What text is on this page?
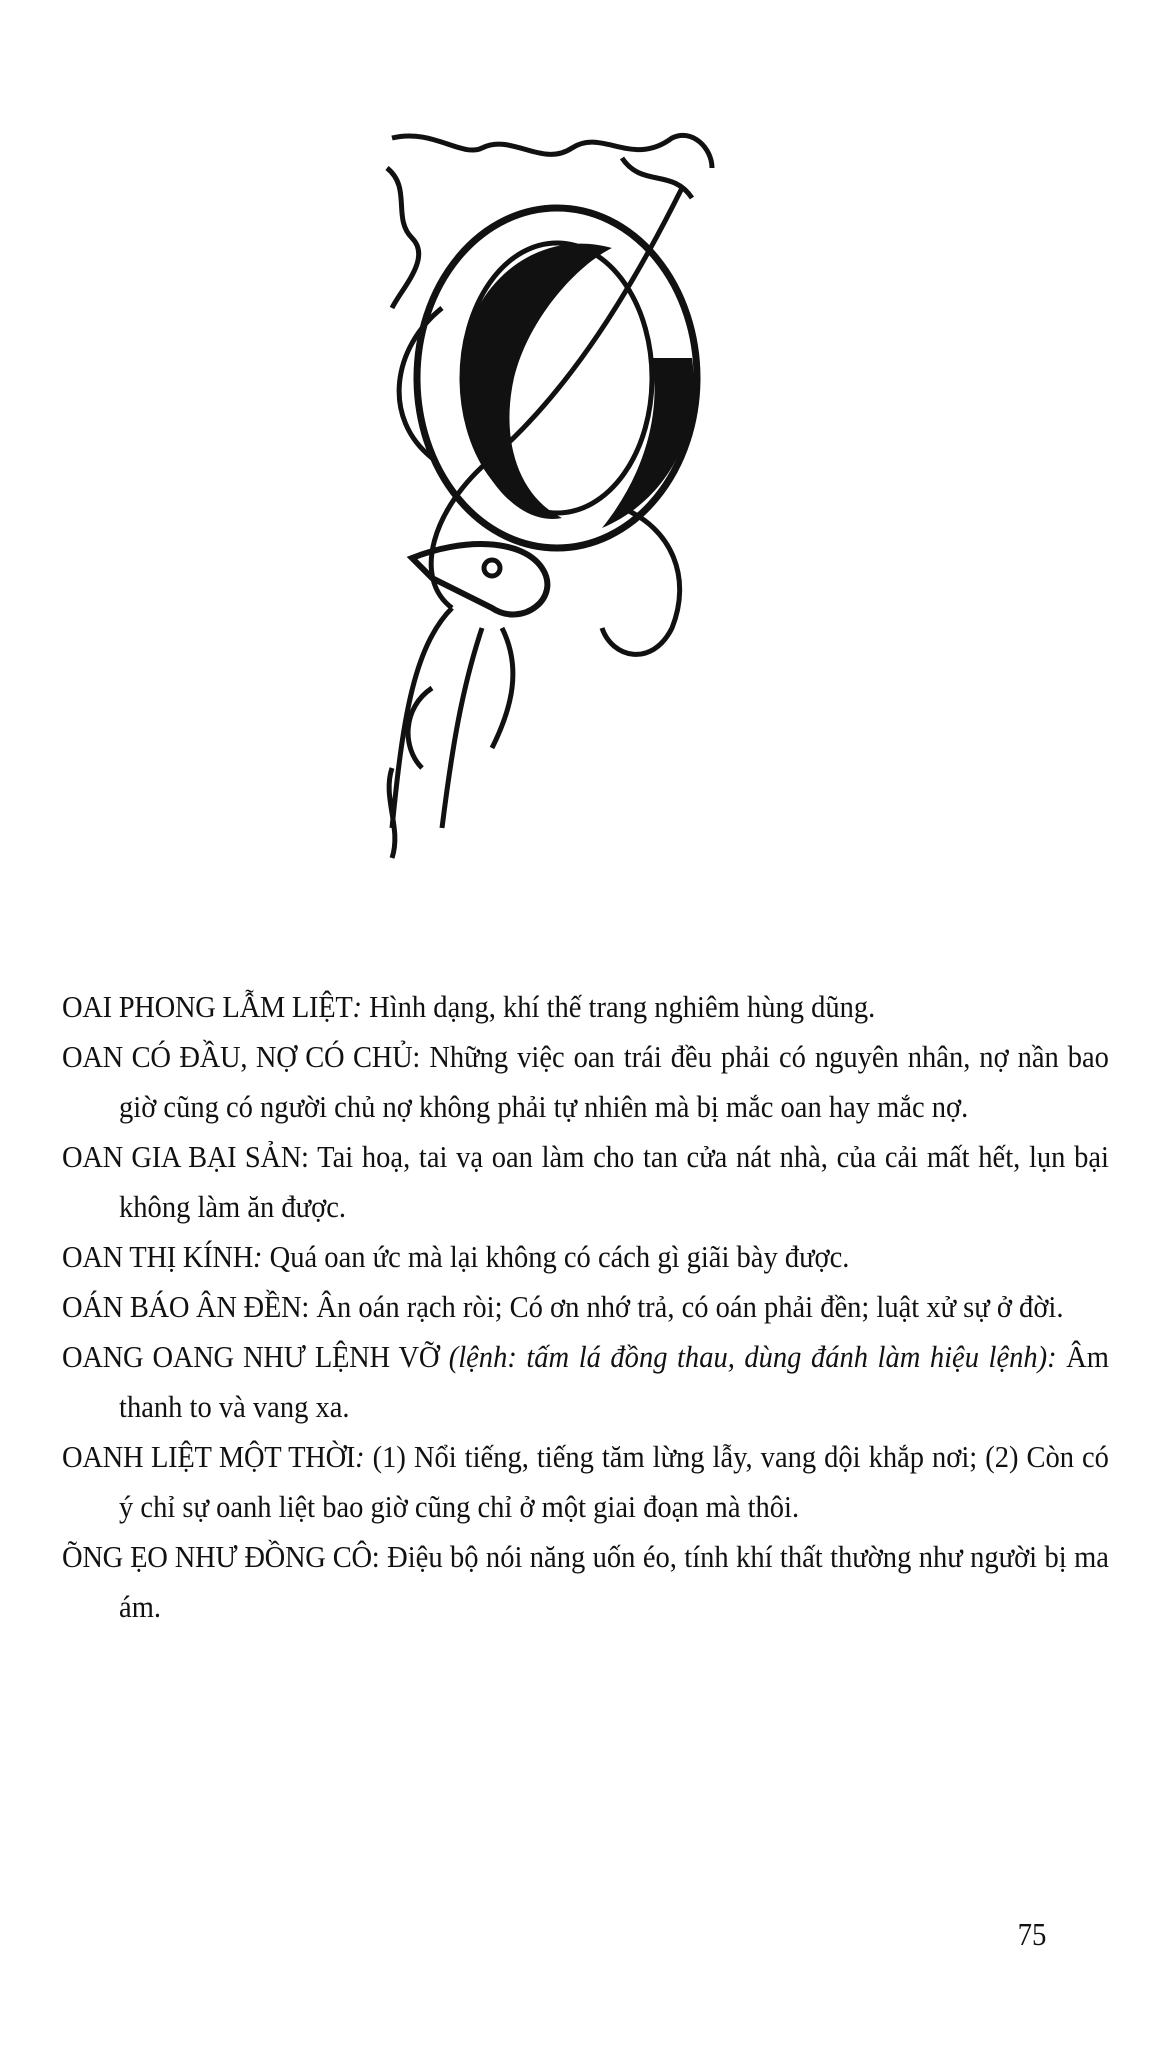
OAI PHONG LẪM LIỆT: Hình dạng, khí thế trang nghiêm hùng dũng.

OAN CÓ ĐẦU, NỢ CÓ CHỦ: Những việc oan trái đều phải có nguyên nhân, nợ nần bao giờ cũng có người chủ nợ không phải tự nhiên mà bị mắc oan hay mắc nợ.

OAN GIA BẠI SẢN: Tai hoạ, tai vạ oan làm cho tan cửa nát nhà, của cải mất hết, lụn bại không làm ăn được.

OAN THỊ KÍNH: Quá oan ức mà lại không có cách gì giãi bày được.

OÁN BÁO ÂN ĐỀN: Ân oán rạch ròi; Có ơn nhớ trả, có oán phải đền; luật xử sự ở đời.

OANG OANG NHƯ LỆNH VỠ (lệnh: tấm lá đồng thau, dùng đánh làm hiệu lệnh): Âm thanh to và vang xa.

OANH LIỆT MỘT THỜI: (1) Nổi tiếng, tiếng tăm lừng lẫy, vang dội khắp nơi; (2) Còn có ý chỉ sự oanh liệt bao giờ cũng chỉ ở một giai đoạn mà thôi.

ÕNG ẸO NHƯ ĐỒNG CÔ: Điệu bộ nói năng uốn éo, tính khí thất thường như người bị ma ám.

75
